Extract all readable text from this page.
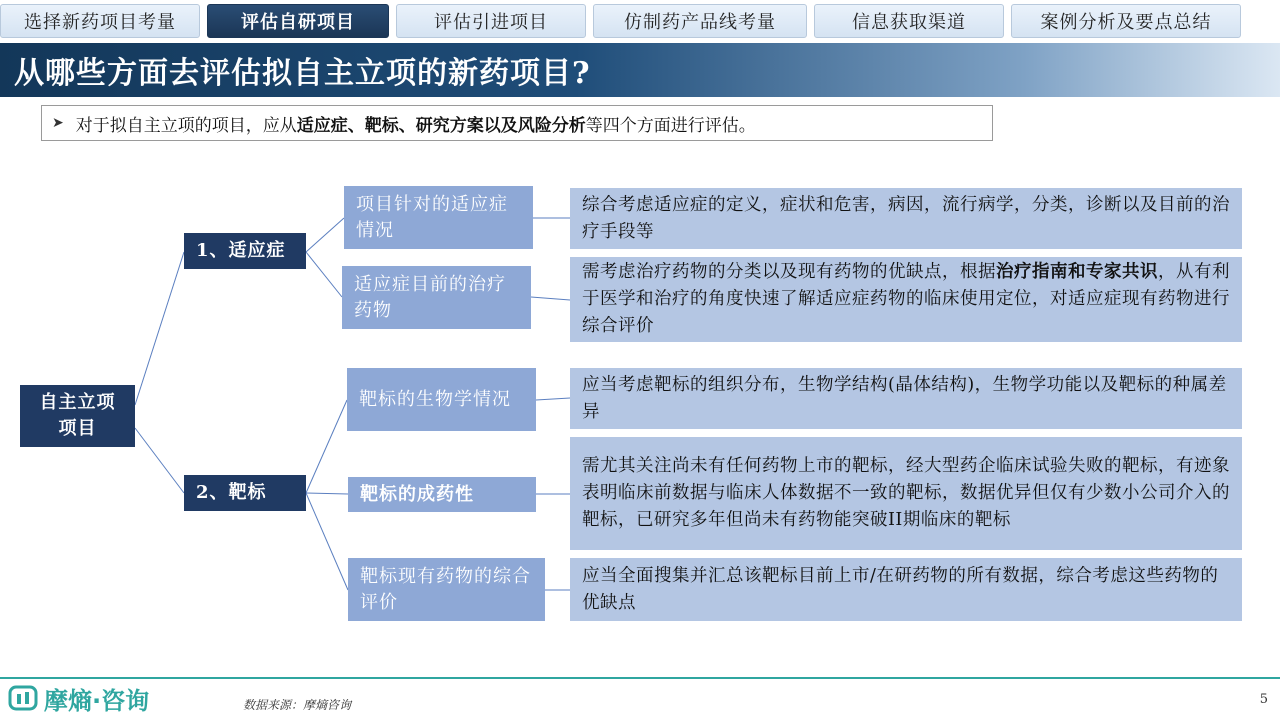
选择新药项目考量	评估自研项目	评估引进项目	仿制药产品线考量	信息获取渠道	案例分析及要点总结
从哪些方面去评估拟自主立项的新药项目?
➤ 对于拟自主立项的项目，应从 适应症、靶标、研究方案以及风险分析 等四个方面进行评估。
自主立项项目
1、适应症
2、靶标
项目针对的适应症情况
适应症目前的治疗药物
靶标的生物学情况
靶标的成药性
靶标现有药物的综合评价
综合考虑适应症的定义，症状和危害，病因，流行病学，分类，诊断以及目前的治疗手段等
需考虑治疗药物的分类以及现有药物的优缺点，根据治疗指南和专家共识，从有利于医学和治疗的角度快速了解适应症药物的临床使用定位，对适应症现有药物进行综合评价
应当考虑靶标的组织分布，生物学结构(晶体结构)，生物学功能以及靶标的种属差异
需尤其关注尚未有任何药物上市的靶标，经大型药企临床试验失败的靶标，有迹象表明临床前数据与临床人体数据不一致的靶标，数据优异但仅有少数小公司介入的靶标，已研究多年但尚未有药物能突破II期临床的靶标
应当全面搜集并汇总该靶标目前上市/在研药物的所有数据，综合考虑这些药物的优缺点
摩熵·咨询	数据来源：摩熵咨询	5
